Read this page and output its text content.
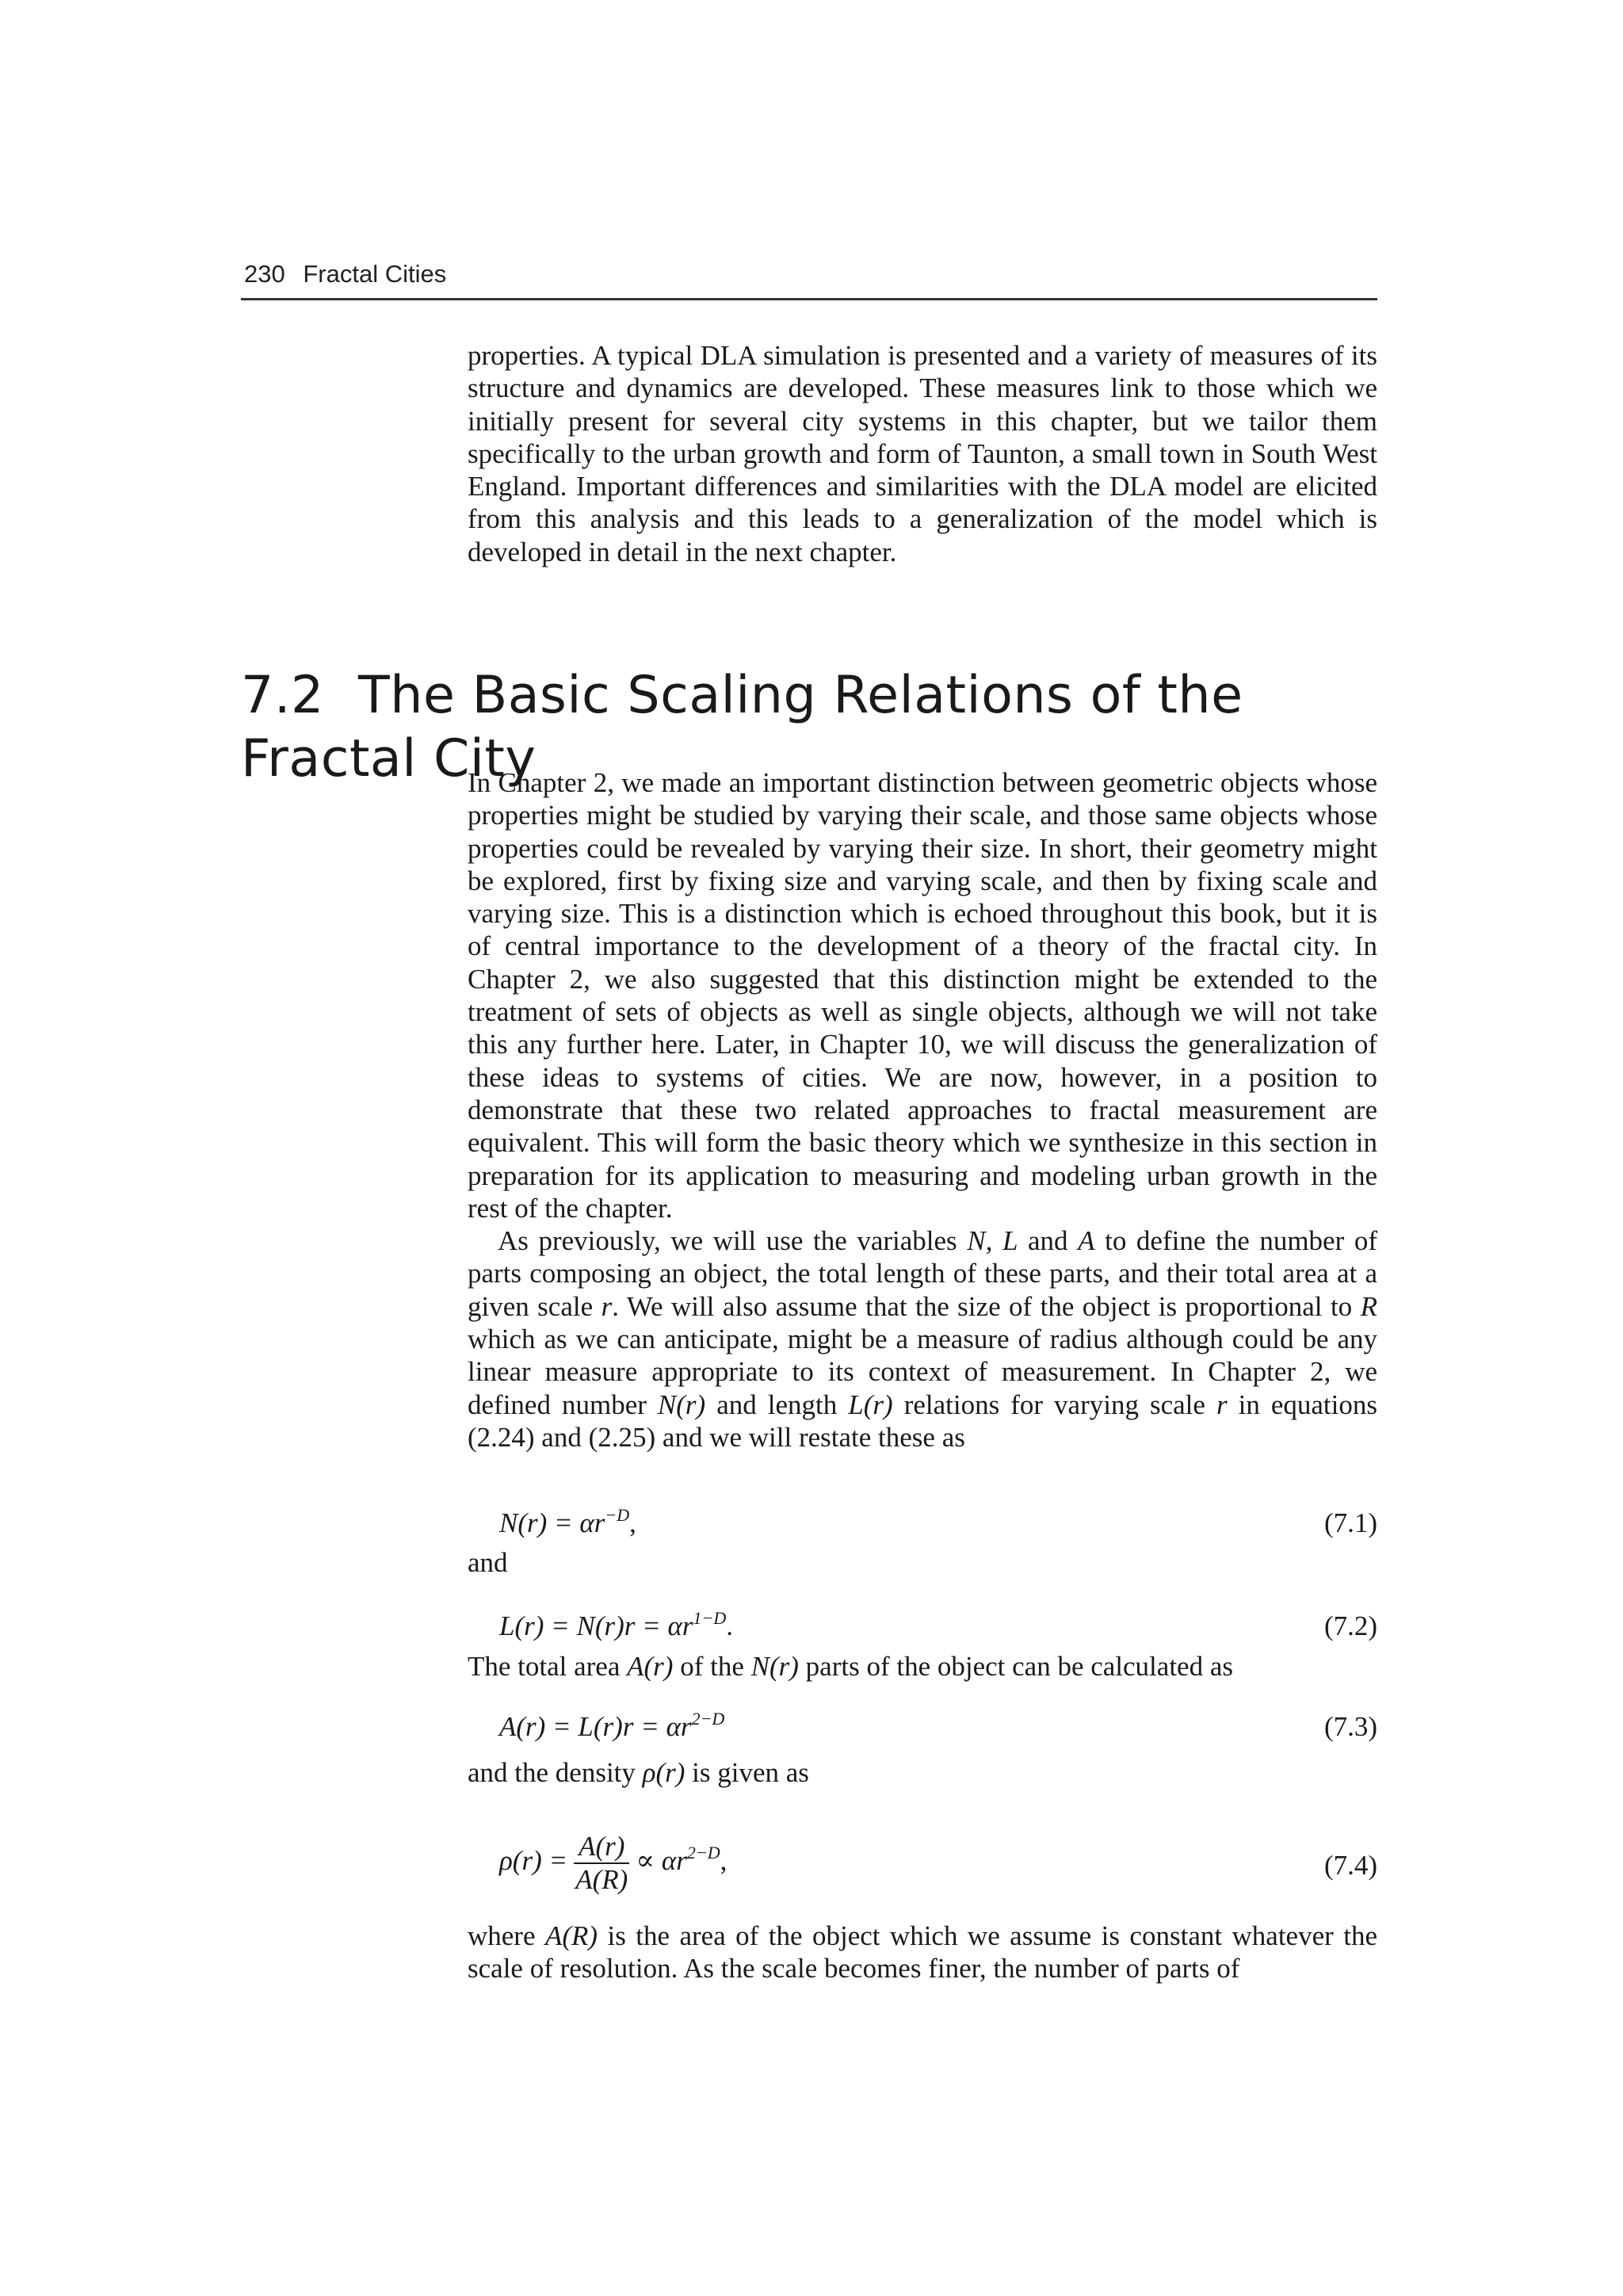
230 Fractal Cities

properties. A typical DLA simulation is presented and a variety of measures of its structure and dynamics are developed. These measures link to those which we initially present for several city systems in this chapter, but we tailor them specifically to the urban growth and form of Taunton, a small town in South West England. Important differences and similarities with the DLA model are elicited from this analysis and this leads to a generalization of the model which is developed in detail in the next chapter.

7.2 The Basic Scaling Relations of the Fractal City

In Chapter 2, we made an important distinction between geometric objects whose properties might be studied by varying their scale, and those same objects whose properties could be revealed by varying their size. In short, their geometry might be explored, first by fixing size and varying scale, and then by fixing scale and varying size. This is a distinction which is echoed throughout this book, but it is of central importance to the development of a theory of the fractal city. In Chapter 2, we also suggested that this distinction might be extended to the treatment of sets of objects as well as single objects, although we will not take this any further here. Later, in Chapter 10, we will discuss the generalization of these ideas to systems of cities. We are now, however, in a position to demonstrate that these two related approaches to fractal measurement are equivalent. This will form the basic theory which we synthesize in this section in preparation for its application to measuring and modeling urban growth in the rest of the chapter.

As previously, we will use the variables N, L and A to define the number of parts composing an object, the total length of these parts, and their total area at a given scale r. We will also assume that the size of the object is proportional to R which as we can anticipate, might be a measure of radius although could be any linear measure appropriate to its context of measurement. In Chapter 2, we defined number N(r) and length L(r) relations for varying scale r in equations (2.24) and (2.25) and we will restate these as

$N(r) = \alpha r^{-D}$,	(7.1)
and
$L(r) = N(r)r = \alpha r^{1-D}$.	(7.2)
The total area A(r) of the N(r) parts of the object can be calculated as
$A(r) = L(r)r = \alpha r^{2-D}$	(7.3)
and the density ρ(r) is given as
$\rho(r) = \frac{A(r)}{A(R)} \propto \alpha r^{2-D}$,	(7.4)

where A(R) is the area of the object which we assume is constant whatever the scale of resolution. As the scale becomes finer, the number of parts of
